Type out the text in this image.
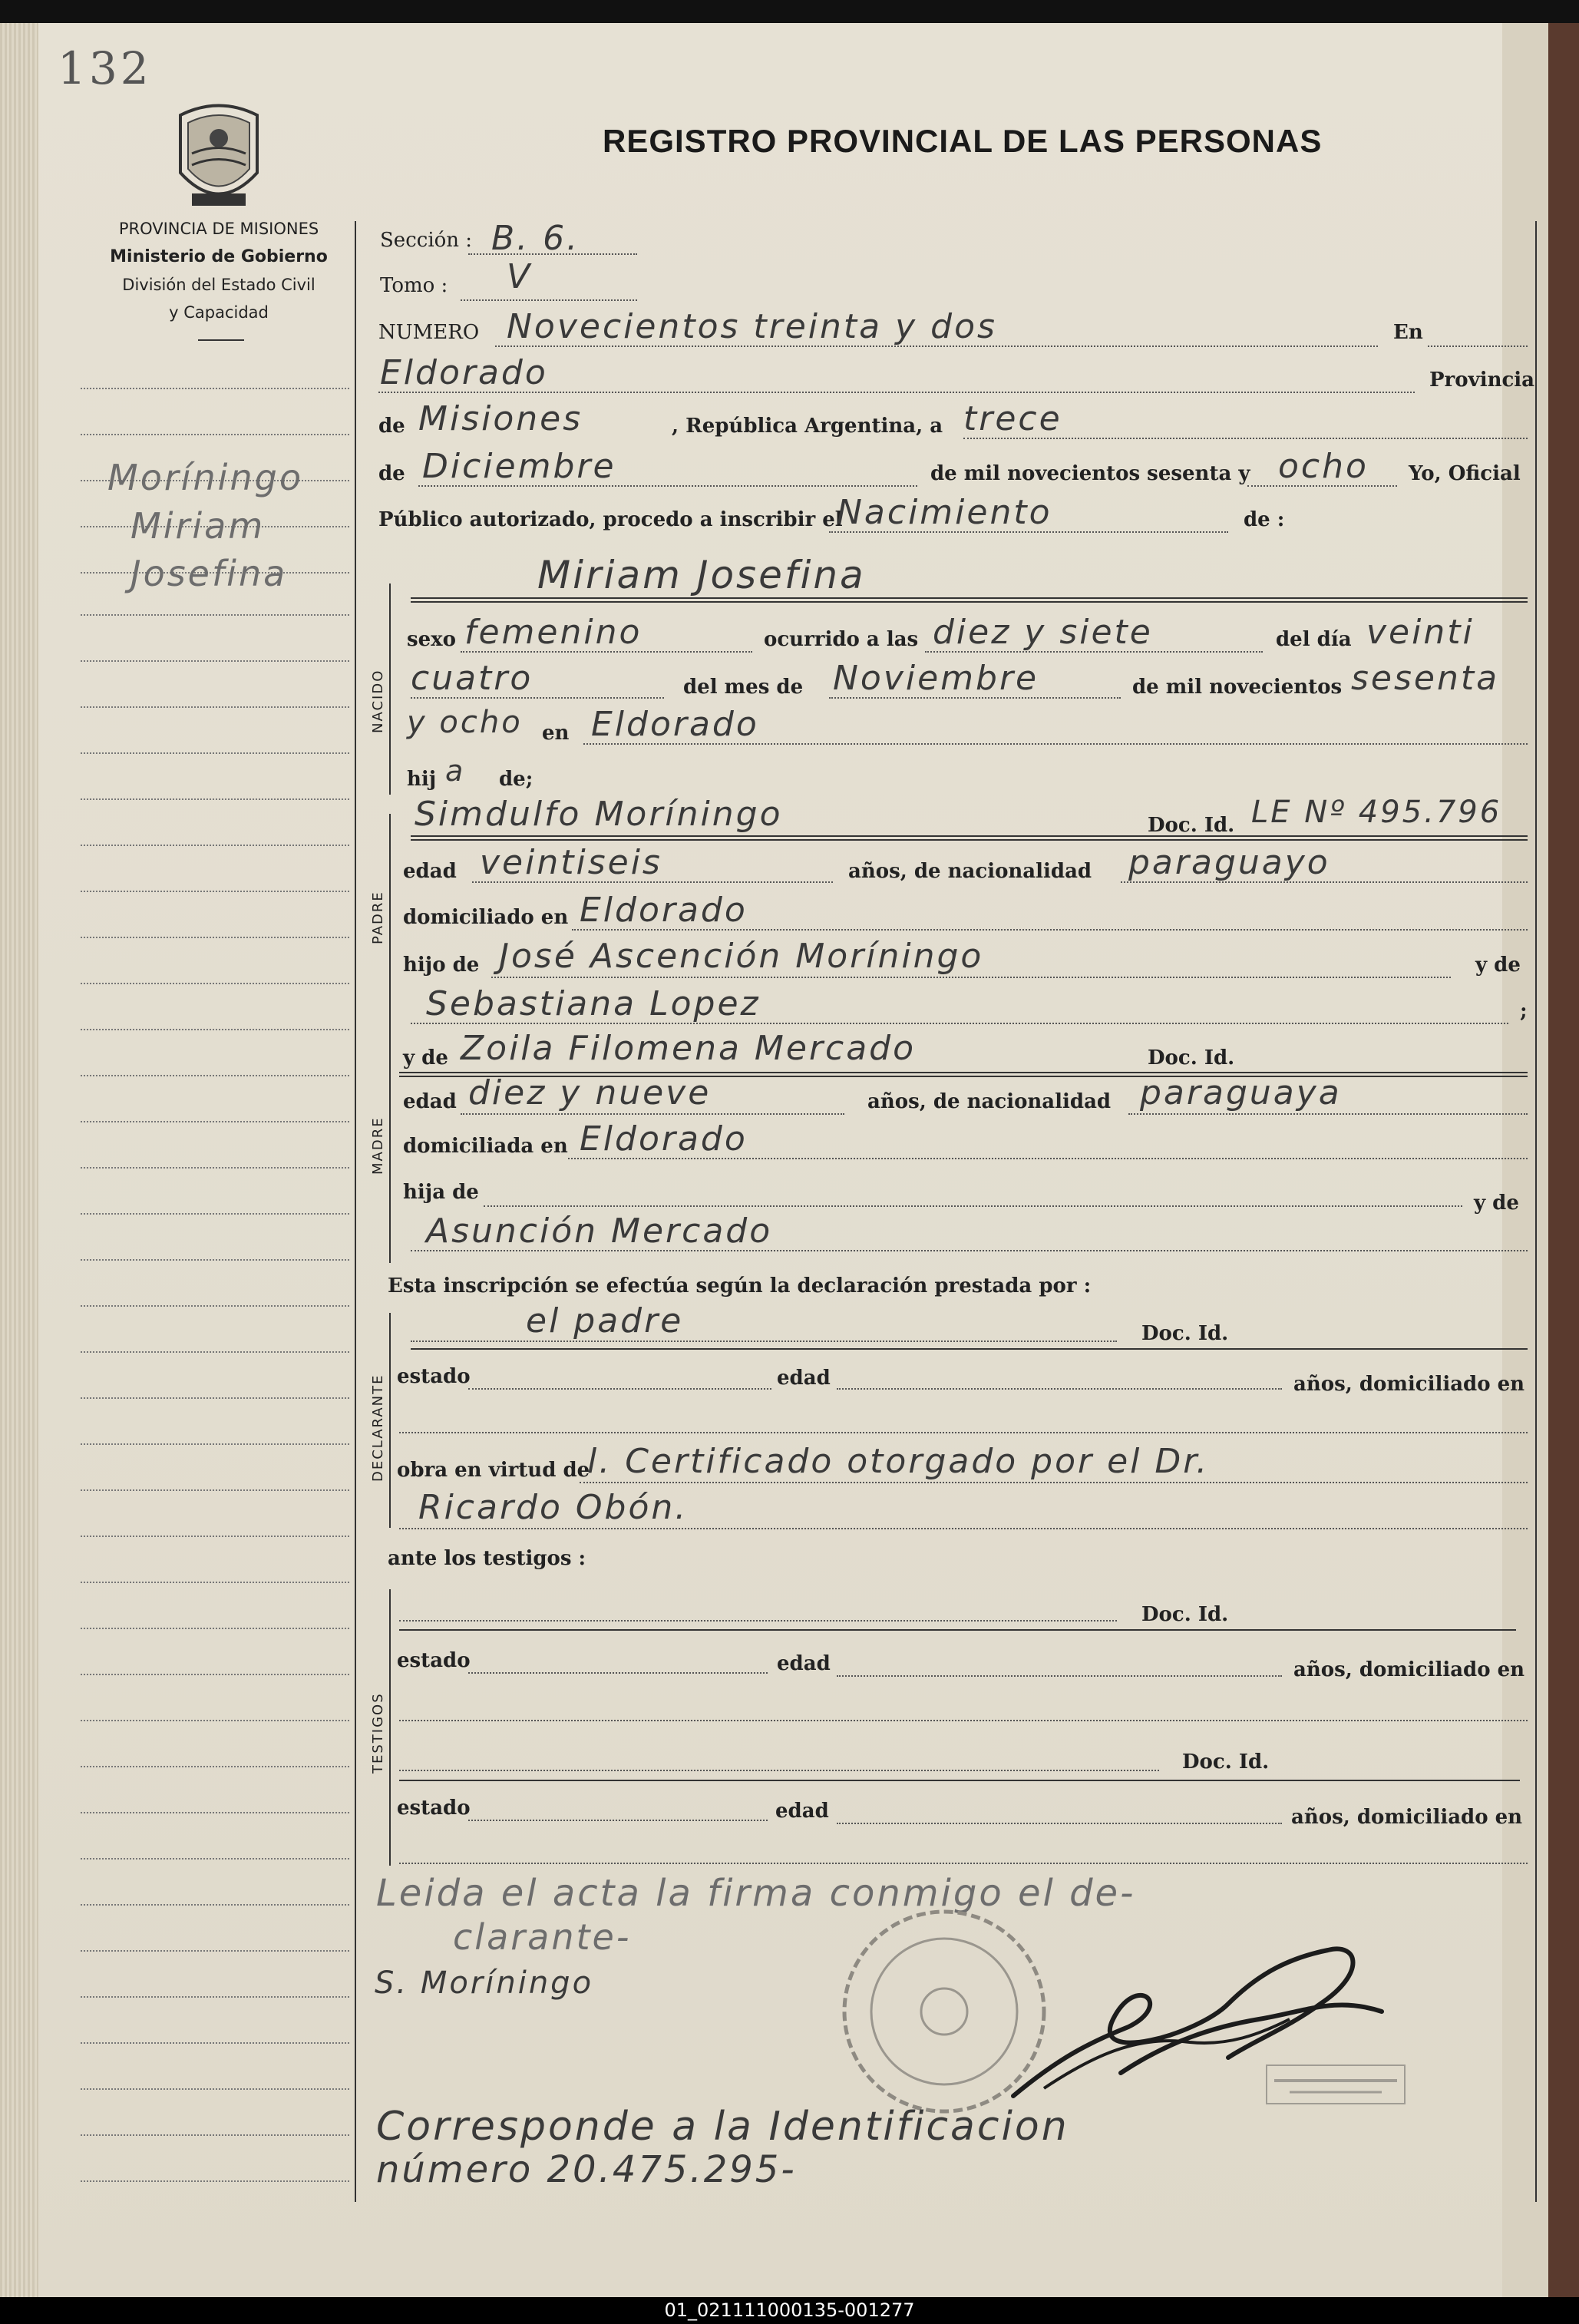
132
PROVINCIA DE MISIONES
Ministerio de Gobierno
División del Estado Civil
y Capacidad
REGISTRO PROVINCIAL DE LAS PERSONAS
Moríningo
Miriam
Josefina
Sección : B. 6.
Tomo : V
NUMERO Novecientos treinta y dos	En
Eldorado	Provincia
de Misiones	, República Argentina, a trece
de Diciembre	de mil novecientos sesenta y ocho Yo, Oficial
Público autorizado, procedo a inscribir el
Nacimiento	de :
NACIDO
Miriam Josefina
sexo femenino	ocurrido a las diez y siete	del día veinti
cuatro	del mes de Noviembre	de mil novecientos sesenta
y ocho en Eldorado
hij a de;
PADRE
Simdulfo Moríningo	Doc. Id. LE Nº 495.796
edad veintiseis	años, de nacionalidad paraguayo
domiciliado en Eldorado
hijo de José Ascención Moríningo	y de
Sebastiana Lopez	;
MADRE
y de Zoila Filomena Mercado	Doc. Id.
edad diez y nueve	años, de nacionalidad paraguaya
domiciliada en Eldorado
hija de	y de
Asunción Mercado
Esta inscripción se efectúa según la declaración prestada por :
DECLARANTE
el padre	Doc. Id.
estado	edad	años, domiciliado en
obra en virtud de
l. Certificado otorgado por el Dr.
Ricardo Obón.
ante los testigos :
TESTIGOS
Doc. Id.
estado	edad	años, domiciliado en
Doc. Id.
estado	edad	años, domiciliado en
Leida el acta la firma conmigo el de-
clarante-
S. Moríningo
Corresponde a la Identificacion
número 20.475.295-
01_021111000135-001277
